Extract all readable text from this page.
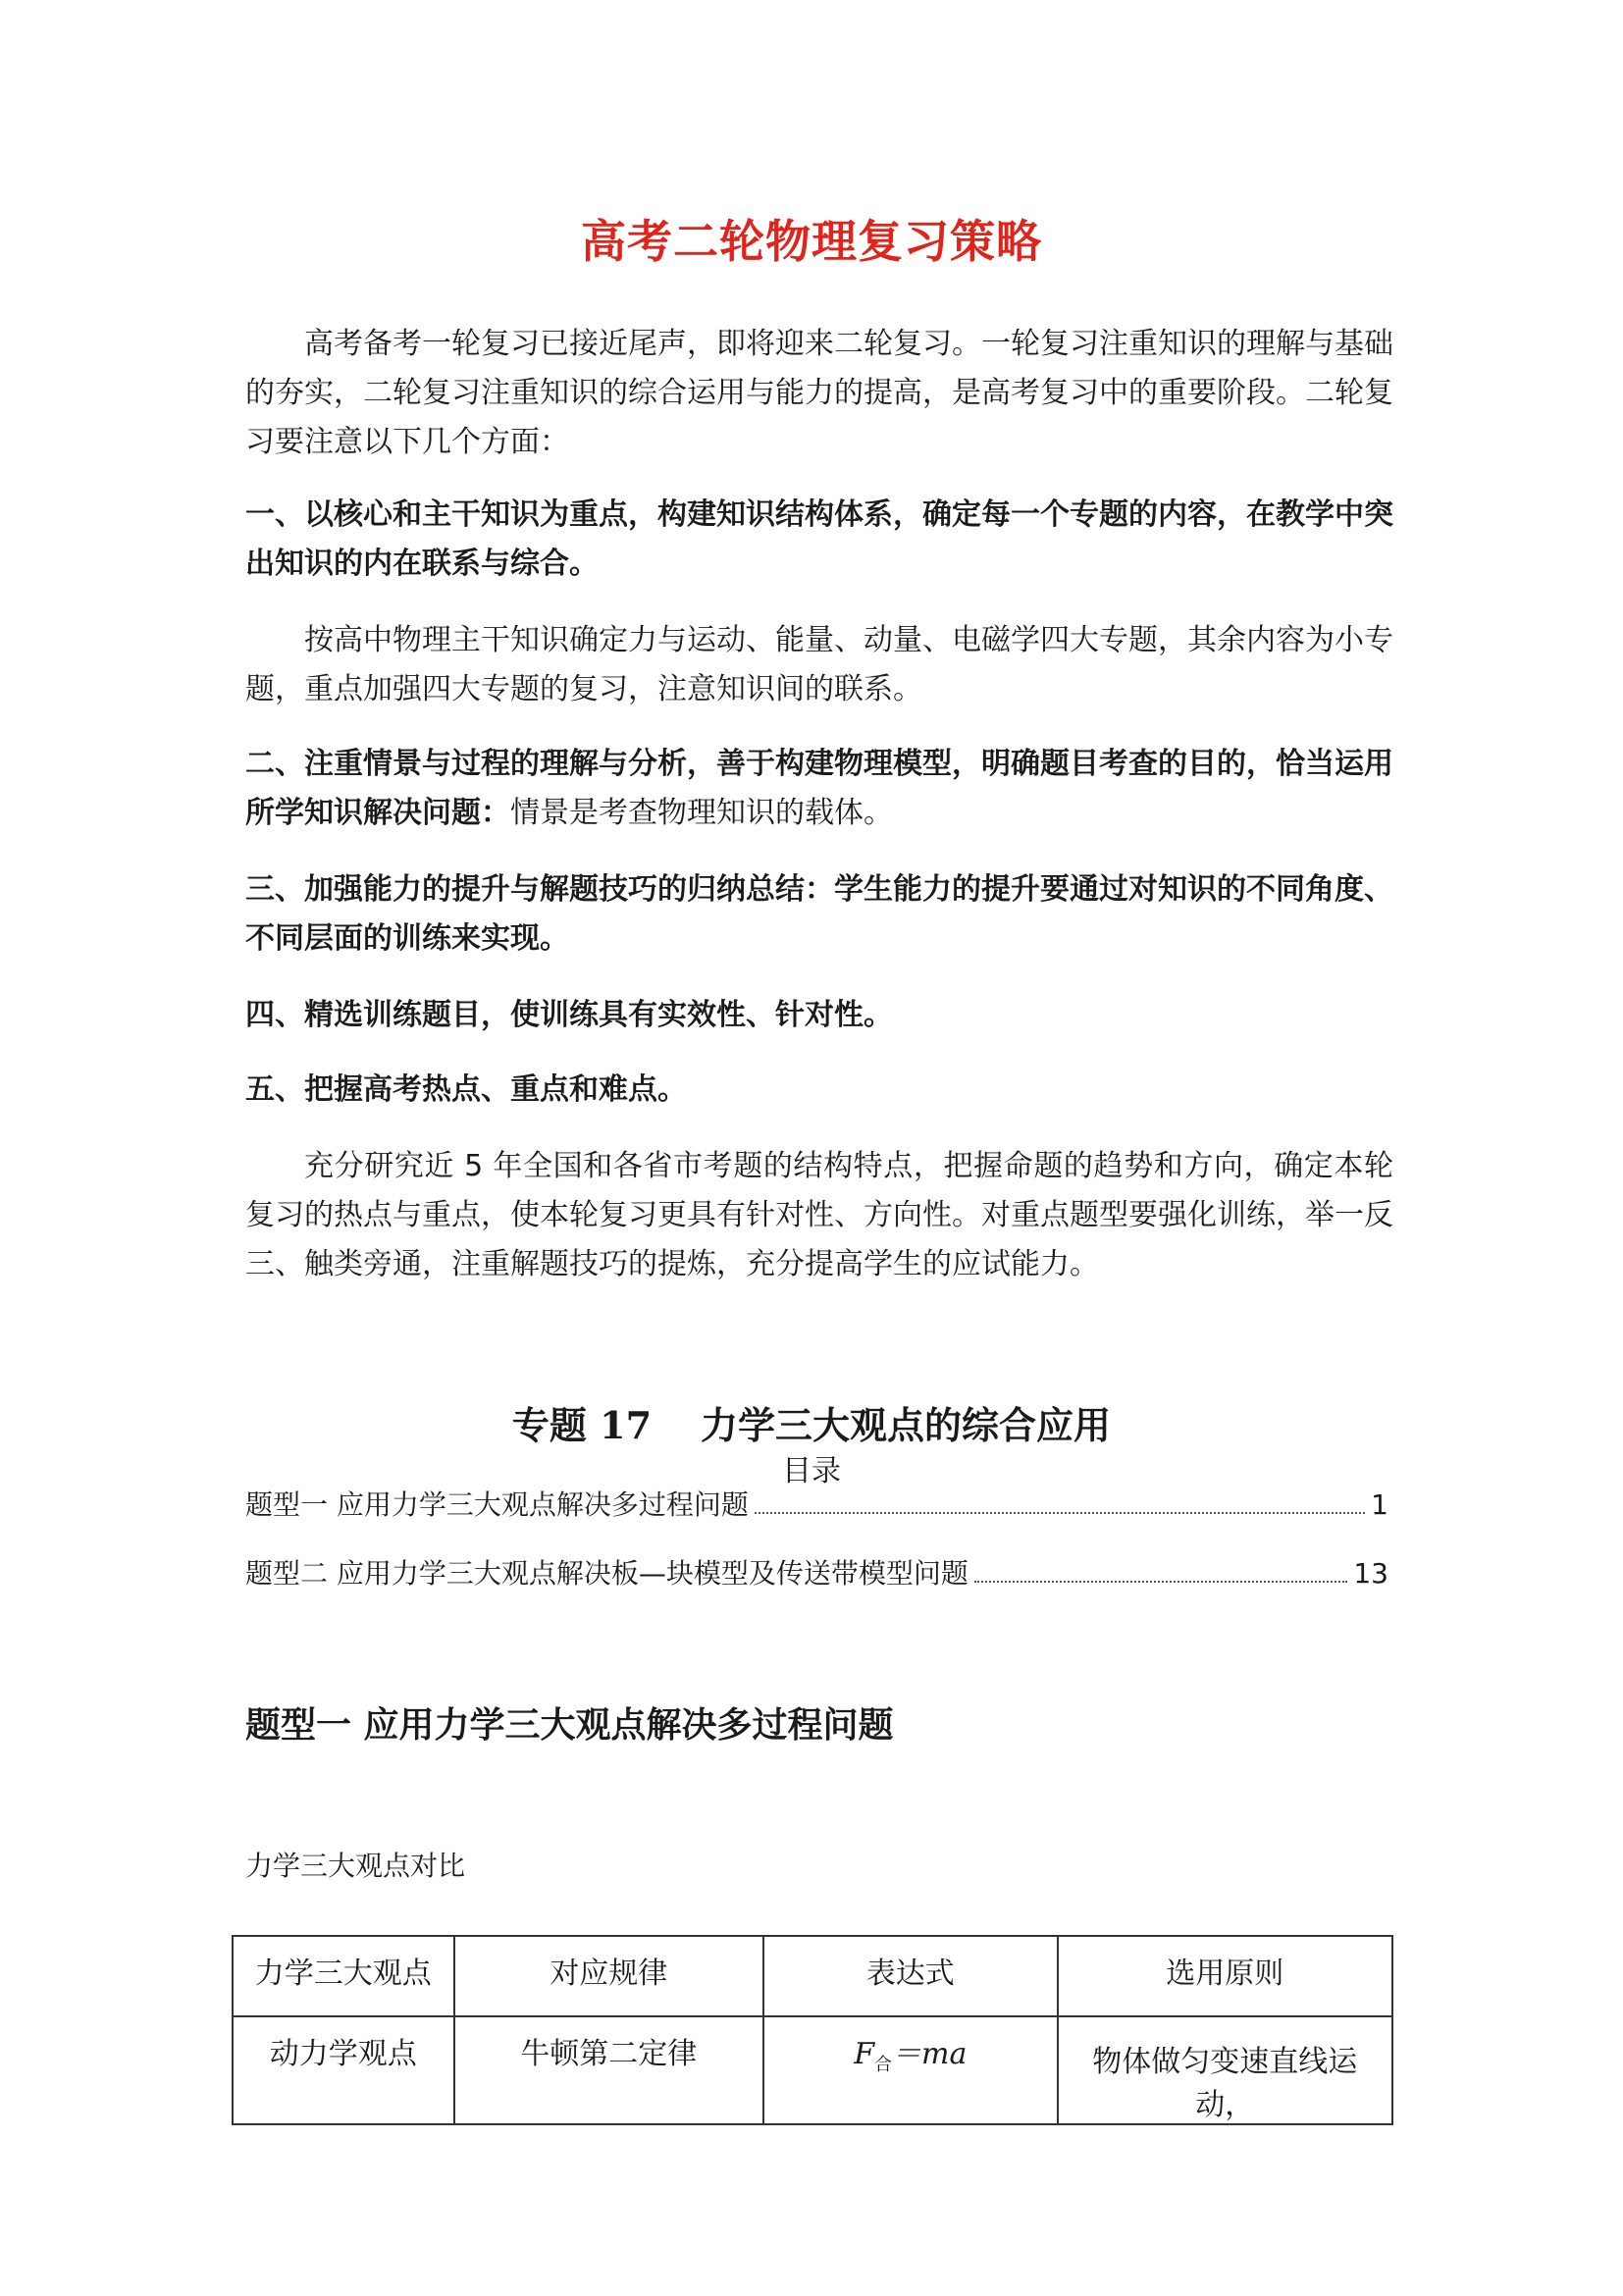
高考二轮物理复习策略
高考备考一轮复习已接近尾声，即将迎来二轮复习。一轮复习注重知识的理解与基础的夯实，二轮复习注重知识的综合运用与能力的提高，是高考复习中的重要阶段。二轮复习要注意以下几个方面：
一、以核心和主干知识为重点，构建知识结构体系，确定每一个专题的内容，在教学中突出知识的内在联系与综合。
按高中物理主干知识确定力与运动、能量、动量、电磁学四大专题，其余内容为小专题，重点加强四大专题的复习，注意知识间的联系。
二、注重情景与过程的理解与分析，善于构建物理模型，明确题目考查的目的，恰当运用所学知识解决问题：情景是考查物理知识的载体。
三、加强能力的提升与解题技巧的归纳总结：学生能力的提升要通过对知识的不同角度、不同层面的训练来实现。
四、精选训练题目，使训练具有实效性、针对性。
五、把握高考热点、重点和难点。
充分研究近 5 年全国和各省市考题的结构特点，把握命题的趋势和方向，确定本轮复习的热点与重点，使本轮复习更具有针对性、方向性。对重点题型要强化训练，举一反三、触类旁通，注重解题技巧的提炼，充分提高学生的应试能力。
专题 17 力学三大观点的综合应用
目录
题型一 应用力学三大观点解决多过程问题	1
题型二 应用力学三大观点解决板—块模型及传送带模型问题	13
题型一 应用力学三大观点解决多过程问题
力学三大观点对比
力学三大观点	对应规律	表达式	选用原则
动力学观点	牛顿第二定律	$F_合=ma$	物体做匀变速直线运动，
